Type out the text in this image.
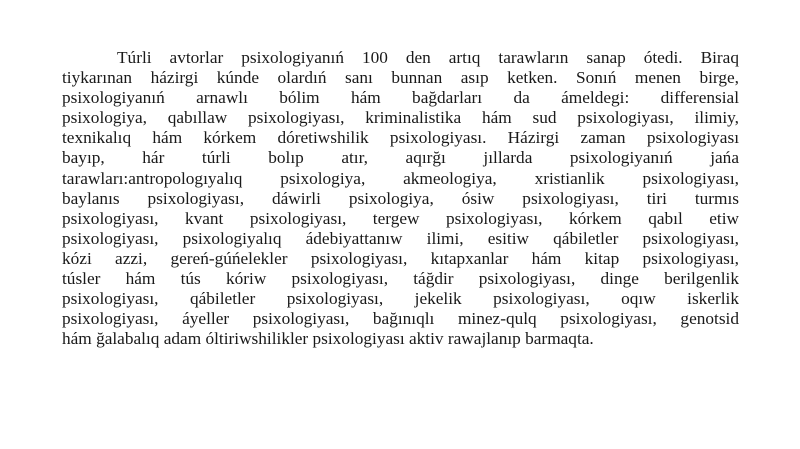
Túrli avtorlar psixologiyanıń 100 den artıq tarawların sanap ótedi. Biraq
tiykarınan házirgi kúnde olardıń sanı bunnan asıp ketken. Sonıń menen birge,
psixologiyanıń arnawlı bólim hám bağdarları da ámeldegi: differensial
psixologiya, qabıllaw psixologiyası, kriminalistika hám sud psixologiyası, ilimiy,
texnikalıq hám kórkem dóretiwshilik psixologiyası. Házirgi zaman psixologiyası
bayıp, hár túrli bolıp atır, aqırğı jıllarda psixologiyanıń jańa
tarawları:antropologıyalıq psixologiya, akmeologiya, xristianlik psixologiyası,
baylanıs psixologiyası, dáwirli psixologiya, ósiw psixologiyası, tiri turmıs
psixologiyası, kvant psixologiyası, tergew psixologiyası, kórkem qabıl etiw
psixologiyası, psixologiyalıq ádebiyattanıw ilimi, esitiw qábiletler psixologiyası,
kózi azzi, gereń-gúńelekler psixologiyası, kıtapxanlar hám kitap psixologiyası,
túsler hám tús kóriw psixologiyası, táğdir psixologiyası, dinge berilgenlik
psixologiyası, qábiletler psixologiyası, jekelik psixologiyası, oqıw iskerlik
psixologiyası, áyeller psixologiyası, bağınıqlı minez-qulq psixologiyası, genotsid
hám ğalabalıq adam óltiriwshilikler psixologiyası aktiv rawajlanıp barmaqta.
